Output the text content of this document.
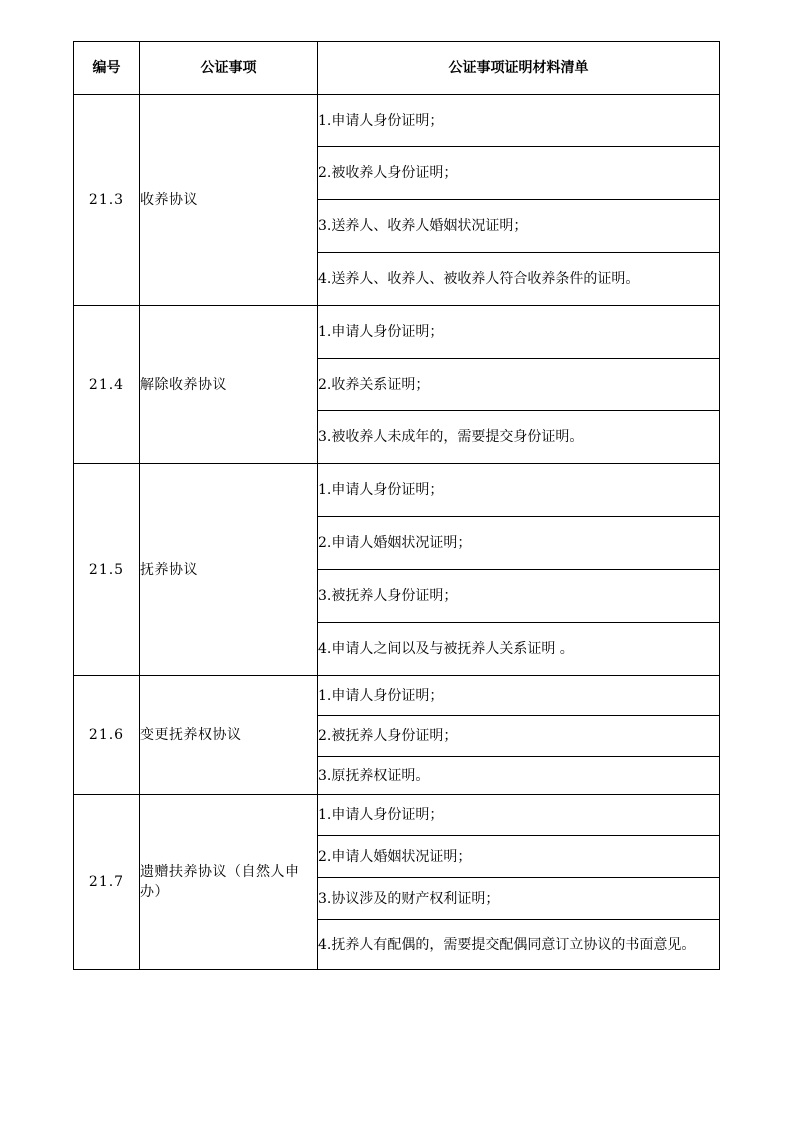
编号	公证事项	公证事项证明材料清单
21.3	收养协议	1.申请人身份证明；
		2.被收养人身份证明；
		3.送养人、收养人婚姻状况证明；
		4.送养人、收养人、被收养人符合收养条件的证明。
21.4	解除收养协议	1.申请人身份证明；
		2.收养关系证明；
		3.被收养人未成年的，需要提交身份证明。
21.5	抚养协议	1.申请人身份证明；
		2.申请人婚姻状况证明；
		3.被抚养人身份证明；
		4.申请人之间以及与被抚养人关系证明 。
21.6	变更抚养权协议	1.申请人身份证明；
		2.被抚养人身份证明；
		3.原抚养权证明。
21.7	遗赠扶养协议（自然人申办）	1.申请人身份证明；
		2.申请人婚姻状况证明；
		3.协议涉及的财产权利证明；
		4.抚养人有配偶的，需要提交配偶同意订立协议的书面意见。
